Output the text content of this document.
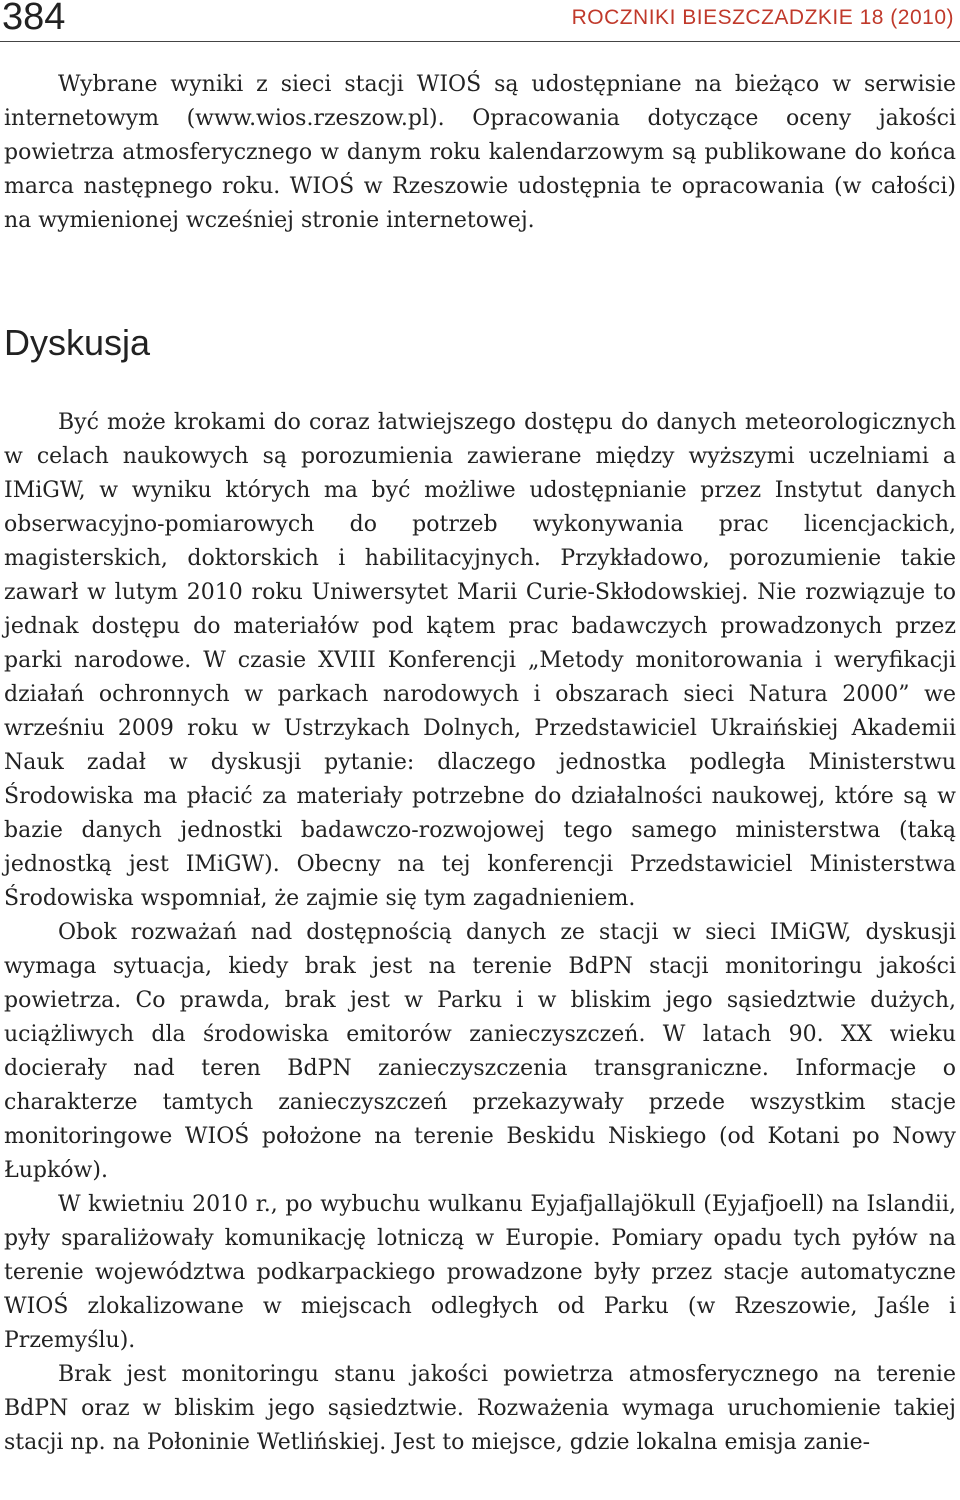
384	ROCZNIKI BIESZCZADZKIE 18 (2010)

Wybrane wyniki z sieci stacji WIOŚ są udostępniane na bieżąco w serwisie internetowym (www.wios.rzeszow.pl). Opracowania dotyczące oceny jakości powietrza atmosferycznego w danym roku kalendarzowym są publikowane do końca marca następnego roku. WIOŚ w Rzeszowie udostępnia te opracowania (w całości) na wymienionej wcześniej stronie internetowej.

Dyskusja

Być może krokami do coraz łatwiejszego dostępu do danych meteorologicznych w celach naukowych są porozumienia zawierane między wyższymi uczelniami a IMiGW, w wyniku których ma być możliwe udostępnianie przez Instytut danych obserwacyjno-pomiarowych do potrzeb wykonywania prac licencjackich, magisterskich, doktorskich i habilitacyjnych. Przykładowo, porozumienie takie zawarł w lutym 2010 roku Uniwersytet Marii Curie-Skłodowskiej. Nie rozwiązuje to jednak dostępu do materiałów pod kątem prac badawczych prowadzonych przez parki narodowe. W czasie XVIII Konferencji „Metody monitorowania i weryfikacji działań ochronnych w parkach narodowych i obszarach sieci Natura 2000” we wrześniu 2009 roku w Ustrzykach Dolnych, Przedstawiciel Ukraińskiej Akademii Nauk zadał w dyskusji pytanie: dlaczego jednostka podległa Ministerstwu Środowiska ma płacić za materiały potrzebne do działalności naukowej, które są w bazie danych jednostki badawczo-rozwojowej tego samego ministerstwa (taką jednostką jest IMiGW). Obecny na tej konferencji Przedstawiciel Ministerstwa Środowiska wspomniał, że zajmie się tym zagadnieniem.

Obok rozważań nad dostępnością danych ze stacji w sieci IMiGW, dyskusji wymaga sytuacja, kiedy brak jest na terenie BdPN stacji monitoringu jakości powietrza. Co prawda, brak jest w Parku i w bliskim jego sąsiedztwie dużych, uciążliwych dla środowiska emitorów zanieczyszczeń. W latach 90. XX wieku docierały nad teren BdPN zanieczyszczenia transgraniczne. Informacje o charakterze tamtych zanieczyszczeń przekazywały przede wszystkim stacje monitoringowe WIOŚ położone na terenie Beskidu Niskiego (od Kotani po Nowy Łupków).

W kwietniu 2010 r., po wybuchu wulkanu Eyjafjallajökull (Eyjafjoell) na Islandii, pyły sparaliżowały komunikację lotniczą w Europie. Pomiary opadu tych pyłów na terenie województwa podkarpackiego prowadzone były przez stacje automatyczne WIOŚ zlokalizowane w miejscach odległych od Parku (w Rzeszowie, Jaśle i Przemyślu).

Brak jest monitoringu stanu jakości powietrza atmosferycznego na terenie BdPN oraz w bliskim jego sąsiedztwie. Rozważenia wymaga uruchomienie takiej stacji np. na Połoninie Wetlińskiej. Jest to miejsce, gdzie lokalna emisja zanie-
